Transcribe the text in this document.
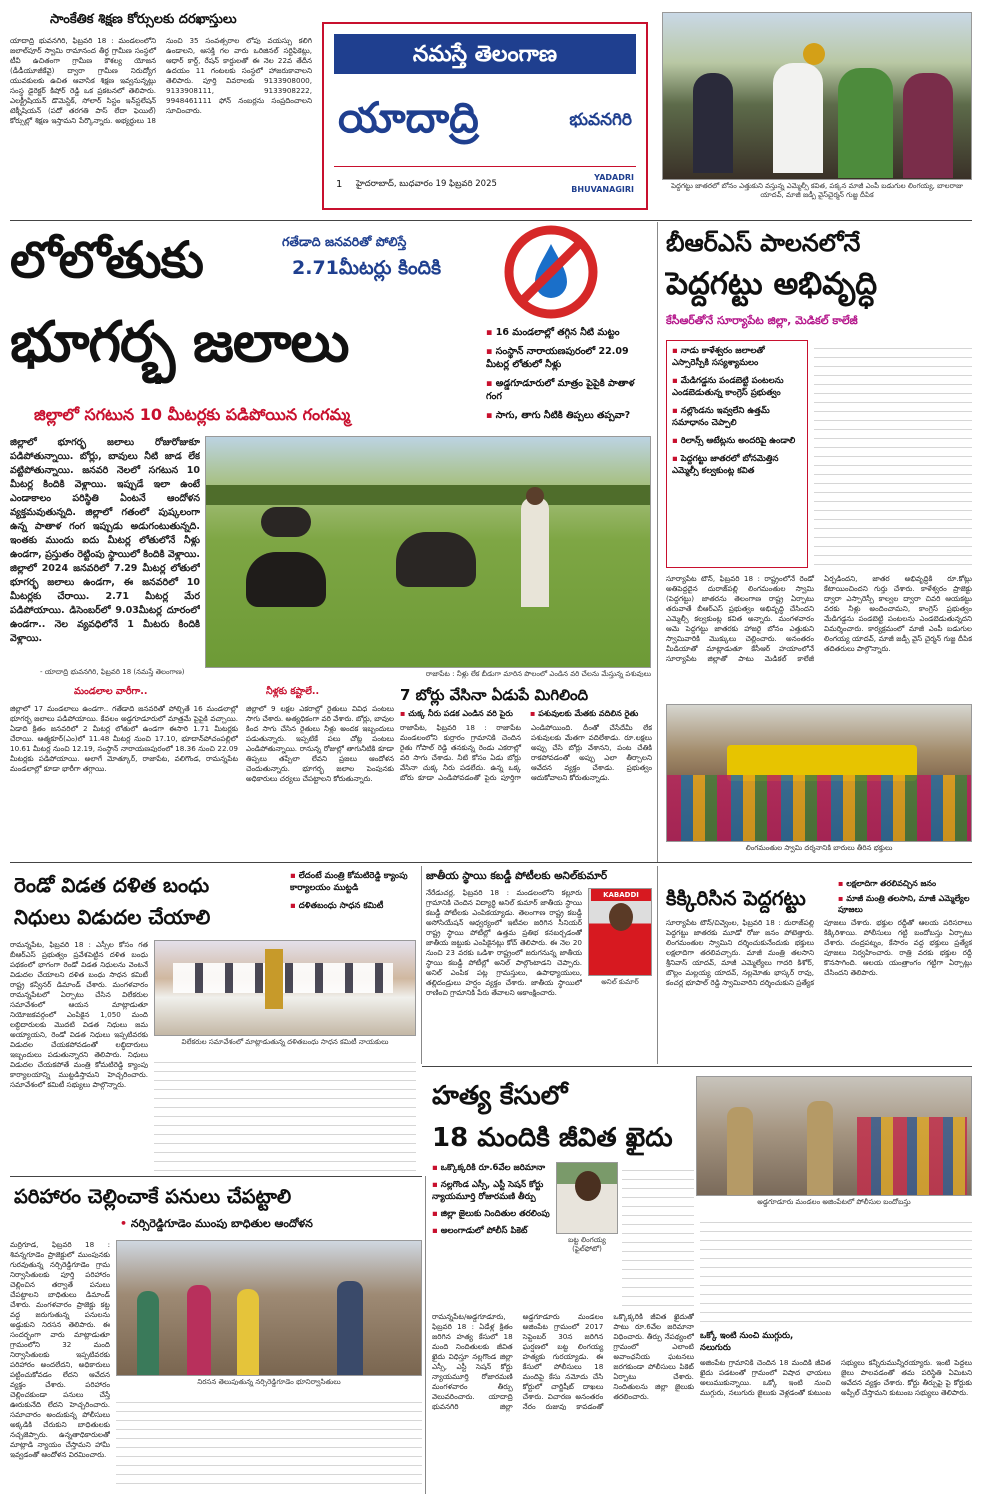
నమస్తే తెలంగాణ
యాదాద్రి	భువనగిరి
1 హైదరాబాద్, బుధవారం 19 ఫిబ్రవరి 2025
YADADRI
BHUVANAGIRI
సాంకేతిక శిక్షణ కోర్సులకు దరఖాస్తులు
యాదాద్రి భువనగిరి, ఫిబ్రవరి 18 : మండలంలోని జలాల్‌పూర్ స్వామి రామానంద తీర్థ గ్రామీణ సంస్థలో టీవీ ఉచితంగా గ్రామీణ కౌశల్య యోజన (డీడీయూజీకేవై) ద్వారా గ్రామీణ నిరుద్యోగ యువకులకు ఉచిత ఆవాసిక శిక్షణ ఇవ్వనున్నట్లు సంస్థ డైరెక్టర్ కిషోర్ రెడ్డి ఒక ప్రకటనలో తెలిపారు. ఎలక్ట్రీషియన్ డొమెస్టిక్, సోలార్ సిస్టం ఇన్‌స్టలేషన్ టెక్నీషియన్ (పదో తరగతి పాస్ లేదా ఫెయిల్) కోర్సుల్లో శిక్షణ ఇస్తామని పేర్కొన్నారు. అభ్యర్థులు 18 నుంచి 35 సంవత్సరాల లోపు వయస్సు కలిగి ఉండాలని, ఆసక్తి గల వారు ఒరిజినల్ సర్టిఫికెట్లు, ఆధార్ కార్డ్, రేషన్ కార్డులతో ఈ నెల 22వ తేదీన ఉదయం 11 గంటలకు సంస్థలో హాజరుకావాలని తెలిపారు. పూర్తి వివరాలకు 9133908000, 9133908111, 9133908222, 9948461111 ఫోన్ నంబర్లను సంప్రదించాలని సూచించారు.
పెద్దగట్టు జాతరలో బోనం ఎత్తుకుని వస్తున్న ఎమ్మెల్సీ కవిత, పక్కన మాజీ ఎంపీ బడుగుల లింగయ్య, బాలరాజు యాదవ్, మాజీ జడ్పీ వైస్‌చైర్మన్ గుజ్జ దీపిక
లోలోతుకు
భూగర్భ జలాలు
గతేడాది జనవరితో పోలిస్తే
2.71మీటర్లు కిందికి
▪ 16 మండలాల్లో తగ్గిన నీటి మట్టం
▪ సంస్థాన్ నారాయణపురంలో 22.09 మీటర్ల లోతులో నీళ్లు
▪ అడ్డగూడూరులో మాత్రం పైపైకి పాతాళ గంగ
▪ సాగు, తాగు నీటికి తిప్పలు తప్పవా?
జిల్లాలో సగటున 10 మీటర్లకు పడిపోయిన గంగమ్మ
జిల్లాలో భూగర్భ జలాలు రోజురోజుకూ పడిపోతున్నాయి. బోర్లు, బావులు నీటి జాడ లేక వట్టిపోతున్నాయి. జనవరి నెలలో సగటున 10 మీటర్ల కిందికి వెళ్లాయి. ఇప్పుడే ఇలా ఉంటే ఎండాకాలం పరిస్థితి ఏంటనే ఆందోళన వ్యక్తమవుతున్నది. జిల్లాలో గతంలో పుష్కలంగా ఉన్న పాతాళ గంగ ఇప్పుడు అడుగంటుతున్నది. ఇంతకు ముందు ఐదు మీటర్ల లోతులోనే నీళ్లు ఉండగా, ప్రస్తుతం రెట్టింపు స్థాయిలో కిందికి వెళ్లాయి. జిల్లాలో 2024 జనవరిలో 7.29 మీటర్ల లోతులో భూగర్భ జలాలు ఉండగా, ఈ జనవరిలో 10 మీటర్లకు చేరాయి. 2.71 మీటర్ల మేర పడిపోయాయి. డిసెంబర్‌లో 9.03మీటర్ల దూరంలో ఉండగా.. నెల వ్యవధిలోనే 1 మీటరు కిందికి వెళ్లాయి.
- యాదాద్రి భువనగిరి, ఫిబ్రవరి 18 (నమస్తే తెలంగాణ)	రాజాపేట : నీళ్లు లేక బీడుగా మారిన పొలంలో ఎండిన వరి చేలను మేస్తున్న పశువులు
మండలాల వారీగా..
జిల్లాలో 17 మండలాలు ఉండగా.. గతేడాది జనవరితో పోల్చితే 16 మండలాల్లో భూగర్భ జలాలు పడిపోయాయి. కేవలం అడ్డగూడూరులో మాత్రమే పైపైకి వచ్చాయి. ఏడాది క్రితం జనవరిలో 2 మీటర్ల లోతులో ఉండగా ఈసారి 1.71 మీటర్లకు చేరాయి. ఆత్మకూర్(ఎం)లో 11.48 మీటర్ల నుంచి 17.10, భూదాన్‌పోచంపల్లిలో 10.61 మీటర్ల నుంచి 12.19, సంస్థాన్ నారాయణపురంలో 18.36 నుంచి 22.09 మీటర్లకు పడిపోయాయి. అలాగే మోత్కూర్, రాజాపేట, వలిగొండ, రామన్నపేట మండలాల్లో కూడా భారీగా తగ్గాయి.
నీళ్లకు కష్టాలే..
జిల్లాలో 9 లక్షల ఎకరాల్లో రైతులు వివిధ పంటలు సాగు చేశారు. అత్యధికంగా వరి వేశారు. బోర్లు, బావుల కింద సాగు చేసిన రైతులు నీళ్లు అందక ఇబ్బందులు పడుతున్నారు. ఇప్పటికే పలు చోట్ల పంటలు ఎండిపోతున్నాయి. రానున్న రోజుల్లో తాగునీటికి కూడా తిప్పలు తప్పేలా లేవని ప్రజలు ఆందోళన చెందుతున్నారు. భూగర్భ జలాల పెంపునకు అధికారులు చర్యలు చేపట్టాలని కోరుతున్నారు.
7 బోర్లు వేసినా ఏడుపే మిగిలింది
▪ చుక్క నీరు పడక ఎండిన వరి పైరు
▪	పశువులకు మేతకు వదిలిన రైతు
రాజాపేట, ఫిబ్రవరి 18 : రాజాపేట మండలంలోని కుర్రారం గ్రామానికి చెందిన రైతు గోపాల్ రెడ్డి తనకున్న రెండు ఎకరాల్లో వరి సాగు చేశాడు. నీటి కోసం ఏడు బోర్లు వేసినా చుక్క నీరు పడలేదు. ఉన్న ఒక్క బోరు కూడా ఎండిపోవడంతో పైరు పూర్తిగా ఎండిపోయింది. దీంతో చేసేదేమీ లేక పశువులకు మేతగా వదిలేశాడు. రూ.లక్షలు అప్పు చేసి బోర్లు వేశానని, పంట చేతికి రాకపోవడంతో అప్పు ఎలా తీర్చాలని ఆవేదన వ్యక్తం చేశాడు. ప్రభుత్వం ఆదుకోవాలని కోరుతున్నాడు.
బీఆర్‌ఎస్ పాలనలోనే
పెద్దగట్టు అభివృద్ధి
కేసీఆర్‌తోనే సూర్యాపేట జిల్లా, మెడికల్ కాలేజీ
▪ నాడు కాళేశ్వరం జలాలతో ఎస్సారెస్పీకి సస్యశ్యామలం
▪ మేడిగడ్డను పండబెట్టి పంటలను ఎండబెడుతున్న కాంగ్రెస్ ప్రభుత్వం
▪ నల్లొండను ఇవ్వలేని ఉత్తమ్ సమాధానం చెప్పాలి
▪ రిలాన్స్ ఆటేట్లను అందరిపై ఉండాలి
▪ పెద్దగట్టు జాతరలో బోనమెత్తిన ఎమ్మెల్సీ కల్వకుంట్ల కవిత
సూర్యాపేట టౌన్, ఫిబ్రవరి 18 : రాష్ట్రంలోనే రెండో అతిపెద్దదైన దురాజ్‌పల్లి లింగమంతుల స్వామి (పెద్దగట్టు) జాతరను తెలంగాణ రాష్ట్ర ఏర్పాటు తరువాతే బీఆర్‌ఎస్ ప్రభుత్వం అభివృద్ధి చేసిందని ఎమ్మెల్సీ కల్వకుంట్ల కవిత అన్నారు. మంగళవారం ఆమె పెద్దగట్టు జాతరకు హాజరై బోనం ఎత్తుకుని స్వామివారికి మొక్కులు చెల్లించారు. అనంతరం మీడియాతో మాట్లాడుతూ కేసీఆర్ హయాంలోనే సూర్యాపేట జిల్లాతో పాటు మెడికల్ కాలేజీ ఏర్పడిందని, జాతర అభివృద్ధికి రూ.కోట్లు కేటాయించిందని గుర్తు చేశారు. కాళేశ్వరం ప్రాజెక్టు ద్వారా ఎస్సారెస్పీ కాల్వల ద్వారా చివరి ఆయకట్టు వరకు నీళ్లు అందించామని, కాంగ్రెస్ ప్రభుత్వం మేడిగడ్డను పండబెట్టి పంటలను ఎండబెడుతున్నదని విమర్శించారు. కార్యక్రమంలో మాజీ ఎంపీ బడుగుల లింగయ్య యాదవ్, మాజీ జడ్పీ వైస్ చైర్మన్ గుజ్జ దీపిక తదితరులు పాల్గొన్నారు.
లింగమంతుల స్వామి దర్శనానికి బారులు తీరిన భక్తులు
రెండో విడత దళిత బంధు
నిధులు విడుదల చేయాలి
▪ లేదంటే మంత్రి కోమటిరెడ్డి క్యాంపు కార్యాలయం ముట్టడి
▪ దళితబంధు సాధన కమిటీ
రామన్నపేట, ఫిబ్రవరి 18 : ఎస్సీల కోసం గత బీఆర్‌ఎస్ ప్రభుత్వం ప్రవేశపెట్టిన దళిత బంధు పథకంలో భాగంగా రెండో విడత నిధులను వెంటనే విడుదల చేయాలని దళిత బంధు సాధన కమిటీ రాష్ట్ర కన్వీనర్ డిమాండ్ చేశారు. మంగళవారం రామన్నపేటలో ఏర్పాటు చేసిన విలేకరుల సమావేశంలో ఆయన మాట్లాడుతూ నియోజకవర్గంలో ఎంపికైన 1,050 మంది లబ్ధిదారులకు మొదటి విడత నిధులు జమ అయ్యాయని, రెండో విడత నిధులు ఇప్పటివరకు విడుదల చేయకపోవడంతో లబ్ధిదారులు ఇబ్బందులు పడుతున్నారని తెలిపారు. నిధులు విడుదల చేయకపోతే మంత్రి కోమటిరెడ్డి క్యాంపు కార్యాలయాన్ని ముట్టడిస్తామని హెచ్చరించారు. సమావేశంలో కమిటీ సభ్యులు పాల్గొన్నారు.
విలేకరుల సమావేశంలో మాట్లాడుతున్న దళితబంధు సాధన కమిటీ నాయకులు
జాతీయ స్థాయి కబడ్డీ పోటీలకు అనిల్‌కుమార్
నేరేడుచర్ల, ఫిబ్రవరి 18 : మండలంలోని కల్లూరు గ్రామానికి చెందిన విద్యార్థి అనిల్ కుమార్ జాతీయ స్థాయి కబడ్డీ పోటీలకు ఎంపికయ్యాడు. తెలంగాణ రాష్ట్ర కబడ్డీ అసోసియేషన్ ఆధ్వర్యంలో ఇటీవల జరిగిన సీనియర్ రాష్ట్ర స్థాయి పోటీల్లో ఉత్తమ ప్రతిభ కనబర్చడంతో జాతీయ జట్టుకు ఎంపికైనట్లు కోచ్ తెలిపారు. ఈ నెల 20 నుంచి 23 వరకు ఒడిశా రాష్ట్రంలో జరుగనున్న జాతీయ స్థాయి కబడ్డీ పోటీల్లో అనిల్ పాల్గొంటాడని చెప్పారు. అనిల్ ఎంపిక పట్ల గ్రామస్తులు, ఉపాధ్యాయులు, తల్లిదండ్రులు హర్షం వ్యక్తం చేశారు. జాతీయ స్థాయిలో రాణించి గ్రామానికి పేరు తేవాలని ఆకాంక్షించారు.
KABADDI
అనిల్ కుమార్
కిక్కిరిసిన పెద్దగట్టు
▪ లక్షలాదిగా తరలివచ్చిన జనం
▪ మాజీ మంత్రి తలసాని, మాజీ ఎమ్మెల్యేల పూజలు
సూర్యాపేట టౌన్/చివ్వెంల, ఫిబ్రవరి 18 : దురాజ్‌పల్లి పెద్దగట్టు జాతరకు మూడో రోజు జనం పోటెత్తారు. లింగమంతుల స్వామిని దర్శించుకునేందుకు భక్తులు లక్షలాదిగా తరలివచ్చారు. మాజీ మంత్రి తలసాని శ్రీనివాస్ యాదవ్, మాజీ ఎమ్మెల్యేలు గాదరి కిశోర్, బొల్లం మల్లయ్య యాదవ్, నల్లమోతు భాస్కర్ రావు, కంచర్ల భూపాల్ రెడ్డి స్వామివారిని దర్శించుకుని ప్రత్యేక పూజలు చేశారు. భక్తుల రద్దీతో ఆలయ పరిసరాలు కిక్కిరిశాయి. పోలీసులు గట్టి బందోబస్తు ఏర్పాటు చేశారు. చంద్రపట్నం, కేసారం వద్ద భక్తులు ప్రత్యేక పూజలు నిర్వహించారు. రాత్రి వరకు భక్తుల రద్దీ కొనసాగింది. ఆలయ యంత్రాంగం గట్టిగా ఏర్పాట్లు చేసిందని తెలిపారు.
హత్య కేసులో
18 మందికి జీవిత ఖైదు
అడ్డగూడూరు మండలం అజింపేటలో పోలీసుల బందోబస్తు
▪ ఒక్కొక్కరికి రూ.6వేల జరిమానా
▪ నల్లగొండ ఎస్సీ, ఎస్టీ సెషన్ కోర్టు న్యాయమూర్తి రోజారమణి తీర్పు
▪ జిల్లా జైలుకు నిందితుల తరలింపు
▪ అలంగాడులో పోలీస్ పికెట్
బట్ట లింగయ్య (ఫైల్‌ఫోటో)
రామన్నపేట/అడ్డగూడూరు, ఫిబ్రవరి 18 : ఏడేళ్ల క్రితం జరిగిన హత్య కేసులో 18 మంది నిందితులకు జీవిత ఖైదు విధిస్తూ నల్లగొండ జిల్లా ఎస్సీ, ఎస్టీ సెషన్ కోర్టు న్యాయమూర్తి రోజారమణి మంగళవారం తీర్పు వెలువరించారు. యాదాద్రి భువనగిరి జిల్లా అడ్డగూడూరు మండలం అజింపేట గ్రామంలో 2017 సెప్టెంబర్ 30న జరిగిన ఘర్షణలో బట్ట లింగయ్య హత్యకు గురయ్యాడు. ఈ కేసులో పోలీసులు 18 మందిపై కేసు నమోదు చేసి కోర్టులో చార్జిషీట్ దాఖలు చేశారు. విచారణ అనంతరం నేరం రుజువు కావడంతో ఒక్కొక్కరికి జీవిత ఖైదుతో పాటు రూ.6వేల జరిమానా విధించారు. తీర్పు నేపథ్యంలో గ్రామంలో ఎలాంటి అవాంఛనీయ ఘటనలు జరగకుండా పోలీసులు పికెట్ ఏర్పాటు చేశారు. నిందితులను జిల్లా జైలుకు తరలించారు.
ఒక్కో ఇంటి నుంచి ముగ్గురు, నలుగురు
అజింపేట గ్రామానికి చెందిన 18 మందికి జీవిత ఖైదు పడటంతో గ్రామంలో విషాద ఛాయలు అలుముకున్నాయి. ఒక్కో ఇంటి నుంచి ముగ్గురు, నలుగురు జైలుకు వెళ్లడంతో కుటుంబ సభ్యులు కన్నీరుమున్నీరయ్యారు. ఇంటి పెద్దలు జైలు పాలవడంతో తమ పరిస్థితి ఏమిటని ఆవేదన వ్యక్తం చేశారు. కోర్టు తీర్పుపై పై కోర్టుకు అప్పీల్ చేస్తామని కుటుంబ సభ్యులు తెలిపారు.
పరిహారం చెల్లించాకే పనులు చేపట్టాలి
• నర్సిరెడ్డిగూడెం ముంపు బాధితుల ఆందోళన
మర్రిగూడ, ఫిబ్రవరి 18 : శివన్నగూడెం ప్రాజెక్టులో ముంపునకు గురవుతున్న నర్సిరెడ్డిగూడెం గ్రామ నిర్వాసితులకు పూర్తి పరిహారం చెల్లించిన తర్వాతే పనులు చేపట్టాలని బాధితులు డిమాండ్ చేశారు. మంగళవారం ప్రాజెక్టు కట్ట వద్ద జరుగుతున్న పనులను అడ్డుకుని నిరసన తెలిపారు. ఈ సందర్భంగా వారు మాట్లాడుతూ గ్రామంలోని 32 మంది నిర్వాసితులకు ఇప్పటివరకు పరిహారం అందలేదని, అధికారులు పట్టించుకోవడం లేదని ఆవేదన వ్యక్తం చేశారు. పరిహారం చెల్లించకుండా పనులు చేస్తే ఊరుకునేది లేదని హెచ్చరించారు. సమాచారం అందుకున్న పోలీసులు అక్కడికి చేరుకుని బాధితులకు నచ్చజెప్పారు. ఉన్నతాధికారులతో మాట్లాడి న్యాయం చేస్తామని హామీ ఇవ్వడంతో ఆందోళన విరమించారు.
నిరసన తెలుపుతున్న నర్సిరెడ్డిగూడెం భూనిర్వాసితులు
